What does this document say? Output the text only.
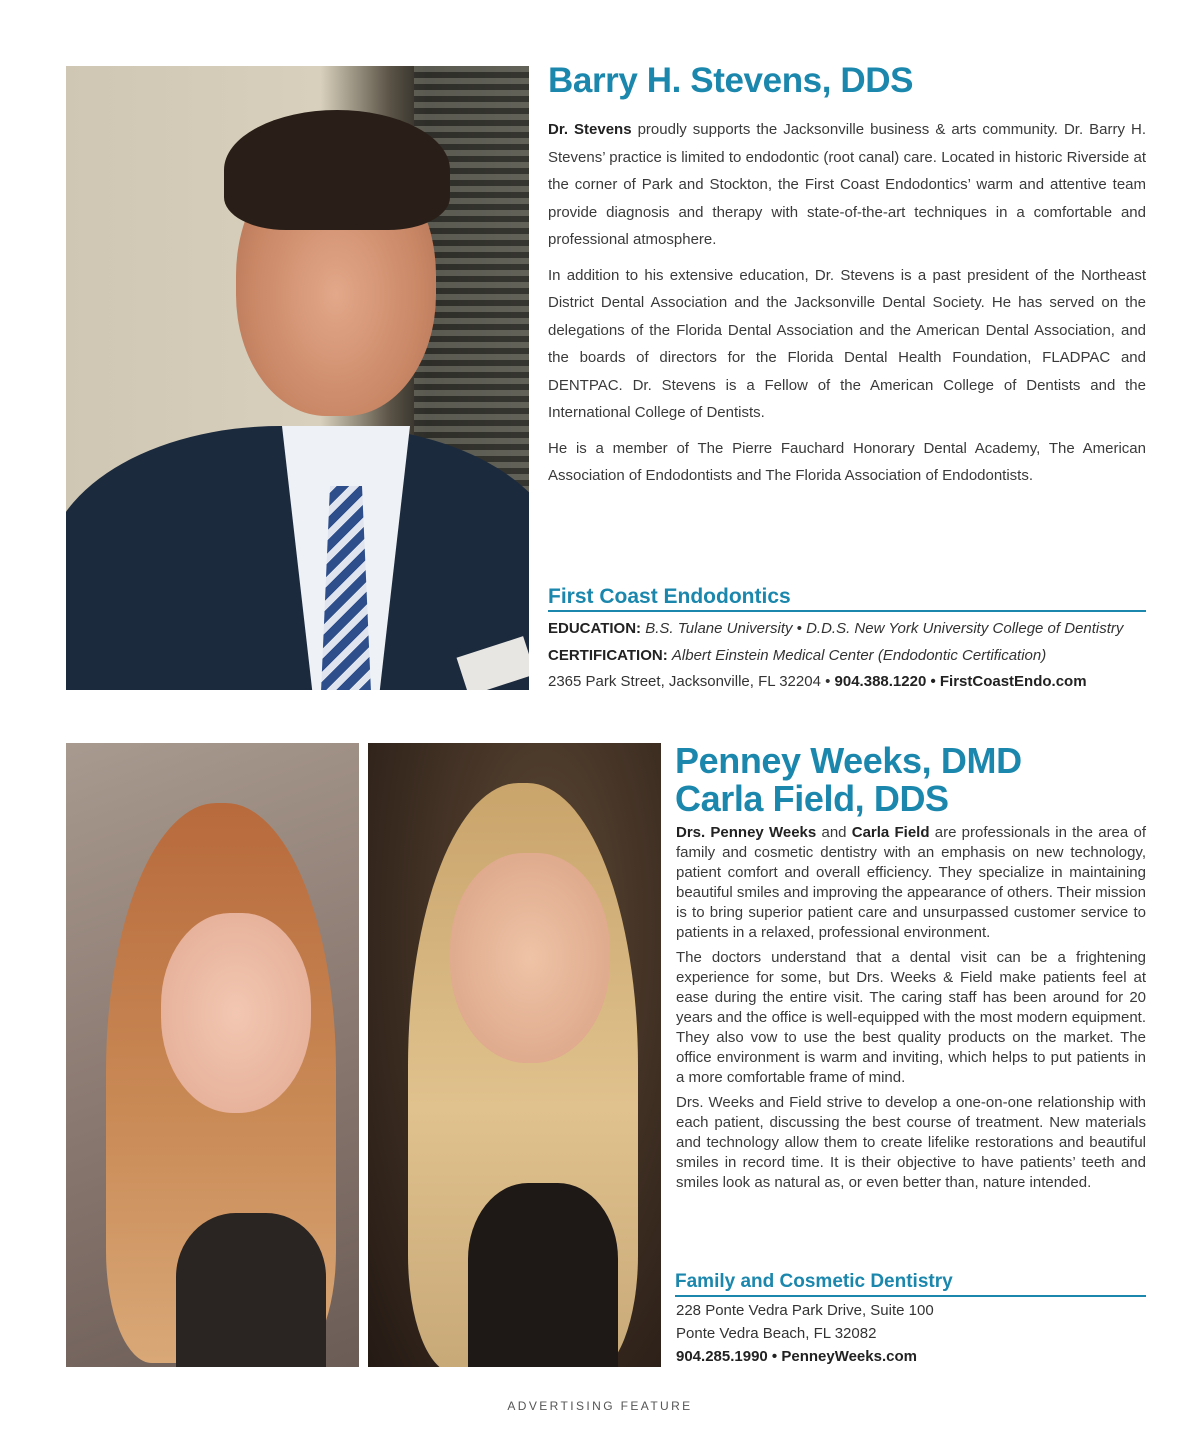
Barry H. Stevens, DDS

Dr. Stevens proudly supports the Jacksonville business & arts community. Dr. Barry H. Stevens’ practice is limited to endodontic (root canal) care. Located in historic Riverside at the corner of Park and Stockton, the First Coast Endodontics’ warm and attentive team provide diagnosis and therapy with state-of-the-art techniques in a comfortable and professional atmosphere.

In addition to his extensive education, Dr. Stevens is a past president of the Northeast District Dental Association and the Jacksonville Dental Society. He has served on the delegations of the Florida Dental Association and the American Dental Association, and the boards of directors for the Florida Dental Health Foundation, FLADPAC and DENTPAC. Dr. Stevens is a Fellow of the American College of Dentists and the International College of Dentists.

He is a member of The Pierre Fauchard Honorary Dental Academy, The American Association of Endodontists and The Florida Association of Endodontists.

First Coast Endodontics

EDUCATION: B.S. Tulane University • D.D.S. New York University College of Dentistry

CERTIFICATION: Albert Einstein Medical Center (Endodontic Certification)

2365 Park Street, Jacksonville, FL 32204 • 904.388.1220 • FirstCoastEndo.com

Penney Weeks, DMD
Carla Field, DDS

Drs. Penney Weeks and Carla Field are professionals in the area of family and cosmetic dentistry with an emphasis on new technology, patient comfort and overall efficiency. They specialize in maintaining beautiful smiles and improving the appearance of others. Their mission is to bring superior patient care and unsurpassed customer service to patients in a relaxed, professional environment.

The doctors understand that a dental visit can be a frightening experience for some, but Drs. Weeks & Field make patients feel at ease during the entire visit. The caring staff has been around for 20 years and the office is well-equipped with the most modern equipment. They also vow to use the best quality products on the market. The office environment is warm and inviting, which helps to put patients in a more comfortable frame of mind.

Drs. Weeks and Field strive to develop a one-on-one relationship with each patient, discussing the best course of treatment. New materials and technology allow them to create lifelike restorations and beautiful smiles in record time. It is their objective to have patients’ teeth and smiles look as natural as, or even better than, nature intended.

Family and Cosmetic Dentistry

228 Ponte Vedra Park Drive, Suite 100

Ponte Vedra Beach, FL 32082

904.285.1990 • PenneyWeeks.com

ADVERTISING FEATURE
